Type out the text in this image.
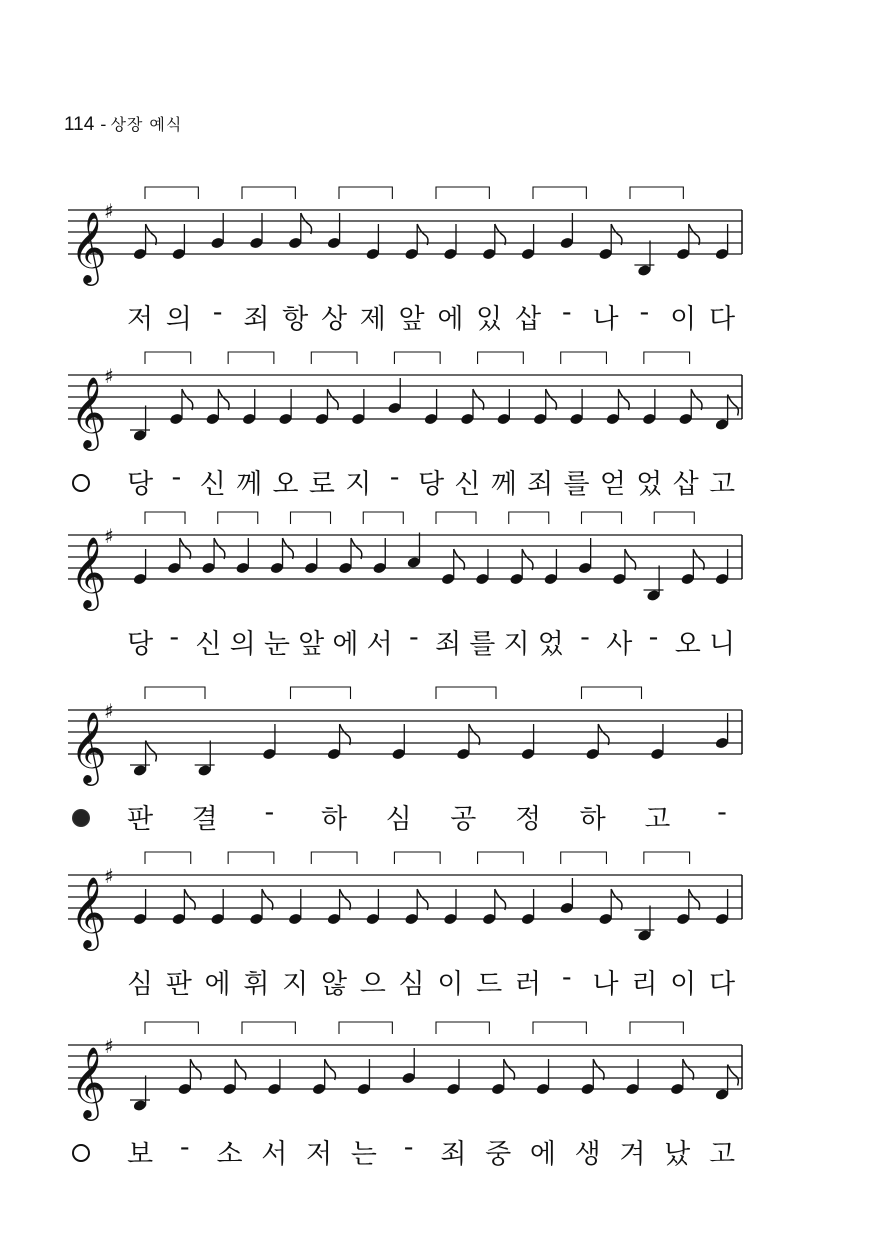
114 - 상장 예식
𝄞
♯
저 의 - 죄 항 상 제 앞 에 있 삽 - 나 - 이 다
𝄞
♯
당 - 신 께 오 로 지 - 당 신 께 죄 를 얻 었 삽 고
𝄞
♯
당 - 신 의 눈 앞 에 서 - 죄 를 지 었 - 사 - 오 니
𝄞
♯
판 결 - 하 심 공 정 하 고 -
𝄞
♯
심 판 에 휘 지 않 으 심 이 드 러 - 나 리 이 다
𝄞
♯
보 - 소 서 저 는 - 죄 중 에 생 겨 났 고
